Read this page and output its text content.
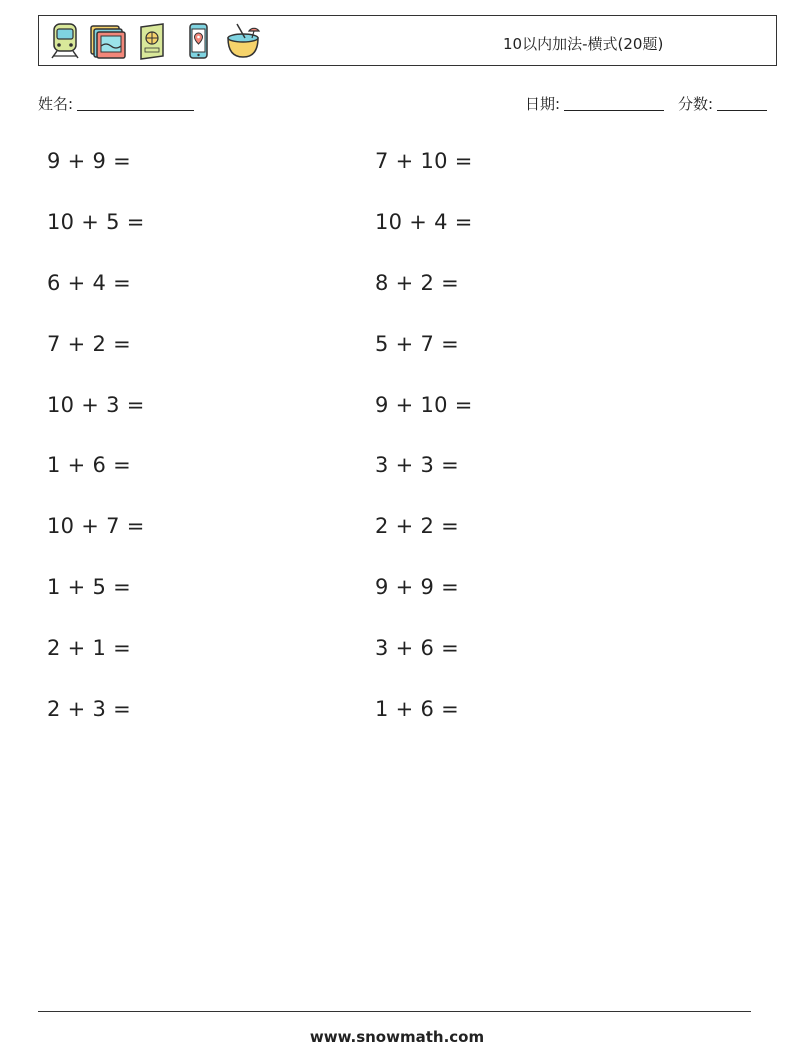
10以内加法-横式(20题)
姓名:	日期:	分数:
9 + 9 =	7 + 10 =
10 + 5 =	10 + 4 =
6 + 4 =	8 + 2 =
7 + 2 =	5 + 7 =
10 + 3 =	9 + 10 =
1 + 6 =	3 + 3 =
10 + 7 =	2 + 2 =
1 + 5 =	9 + 9 =
2 + 1 =	3 + 6 =
2 + 3 =	1 + 6 =
www.snowmath.com
